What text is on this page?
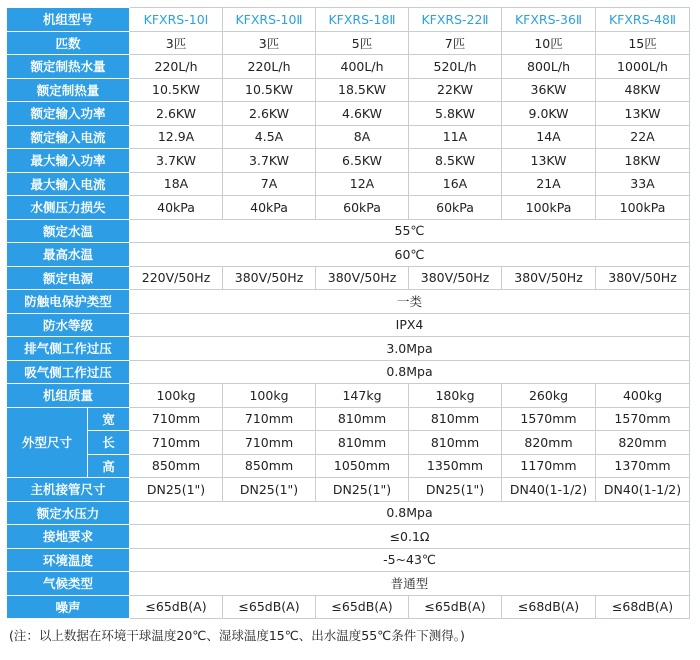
机组型号		KFXRS-10Ⅰ	KFXRS-10Ⅱ	KFXRS-18Ⅱ	KFXRS-22Ⅱ	KFXRS-36Ⅱ	KFXRS-48Ⅱ
匹数		3匹	3匹	5匹	7匹	10匹	15匹
额定制热水量		220L/h	220L/h	400L/h	520L/h	800L/h	1000L/h
额定制热量		10.5KW	10.5KW	18.5KW	22KW	36KW	48KW
额定输入功率		2.6KW	2.6KW	4.6KW	5.8KW	9.0KW	13KW
额定输入电流		12.9A	4.5A	8A	11A	14A	22A
最大输入功率		3.7KW	3.7KW	6.5KW	8.5KW	13KW	18KW
最大输入电流		18A	7A	12A	16A	21A	33A
水侧压力损失		40kPa	40kPa	60kPa	60kPa	100kPa	100kPa
额定水温		55℃					
最高水温		60℃					
额定电源		220V/50Hz	380V/50Hz	380V/50Hz	380V/50Hz	380V/50Hz	380V/50Hz
防触电保护类型		一类					
防水等级		IPX4					
排气侧工作过压		3.0Mpa					
吸气侧工作过压		0.8Mpa					
机组质量		100kg	100kg	147kg	180kg	260kg	400kg
外型尺寸	宽	710mm	710mm	810mm	810mm	1570mm	1570mm
	长	710mm	710mm	810mm	810mm	820mm	820mm
	高	850mm	850mm	1050mm	1350mm	1170mm	1370mm
主机接管尺寸		DN25(1")	DN25(1")	DN25(1")	DN25(1")	DN40(1-1/2)	DN40(1-1/2)
额定水压力		0.8Mpa					
接地要求		≤0.1Ω					
环境温度		-5~43℃					
气候类型		普通型					
噪声		≤65dB(A)	≤65dB(A)	≤65dB(A)	≤65dB(A)	≤68dB(A)	≤68dB(A)
(注：以上数据在环境干球温度20℃、湿球温度15℃、出水温度55℃条件下测得。)
